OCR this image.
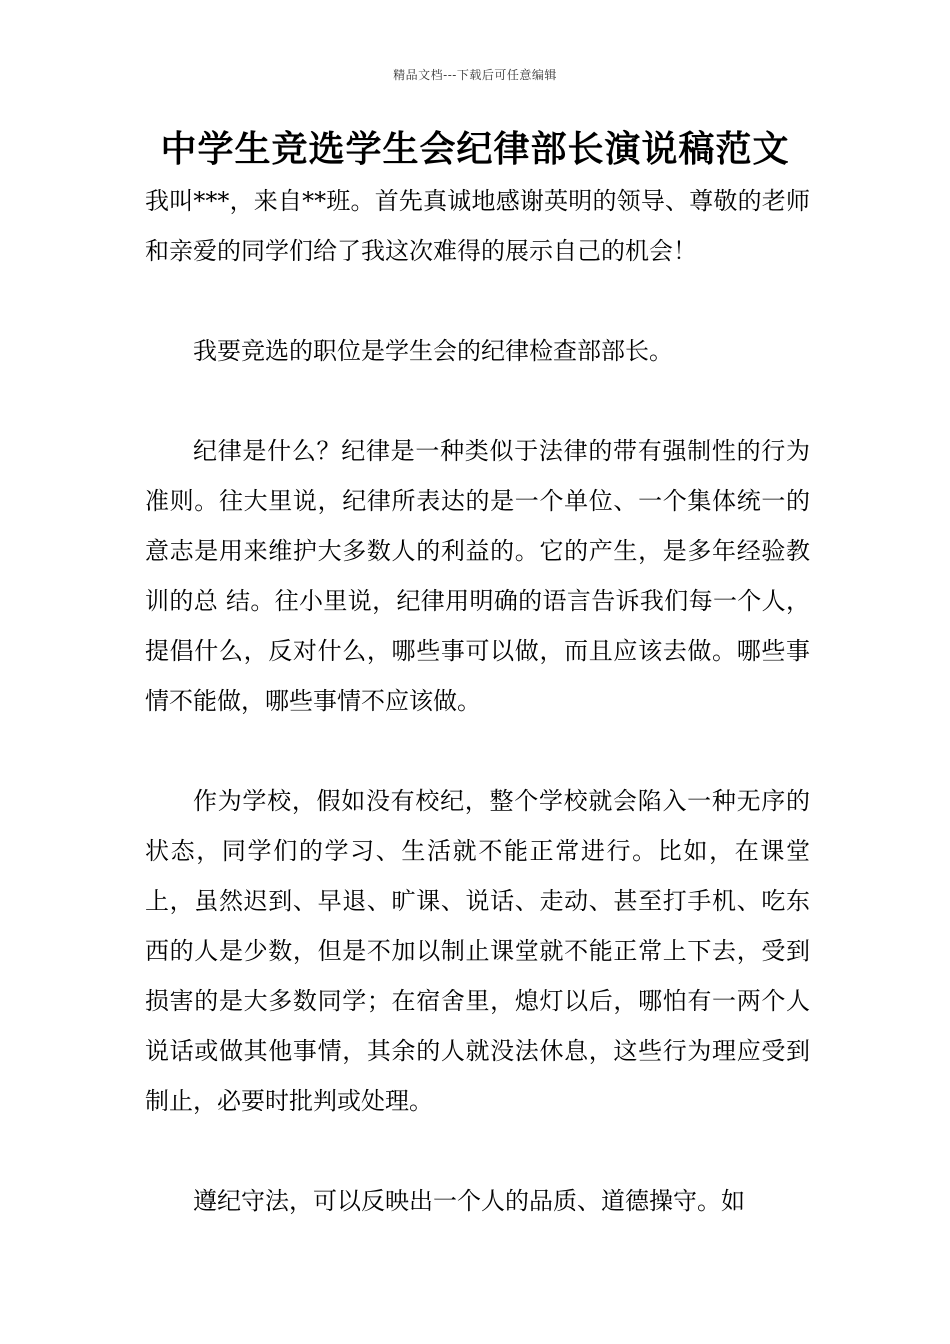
精品文档---下载后可任意编辑
中学生竞选学生会纪律部长演说稿范文

我叫***，来自**班。首先真诚地感谢英明的领导、尊敬的老师和亲爱的同学们给了我这次难得的展示自己的机会！

我要竞选的职位是学生会的纪律检查部部长。

纪律是什么？纪律是一种类似于法律的带有强制性的行为准则。往大里说，纪律所表达的是一个单位、一个集体统一的意志是用来维护大多数人的利益的。它的产生，是多年经验教训的总 结。往小里说，纪律用明确的语言告诉我们每一个人，提倡什么，反对什么，哪些事可以做，而且应该去做。哪些事情不能做，哪些事情不应该做。

作为学校，假如没有校纪，整个学校就会陷入一种无序的状态，同学们的学习、生活就不能正常进行。比如，在课堂上，虽然迟到、早退、旷课、说话、走动、甚至打手机、吃东西的人是少数，但是不加以制止课堂就不能正常上下去，受到损害的是大多数同学；在宿舍里，熄灯以后，哪怕有一两个人说话或做其他事情，其余的人就没法休息，这些行为理应受到制止，必要时批判或处理。

遵纪守法，可以反映出一个人的品质、道德操守。如
